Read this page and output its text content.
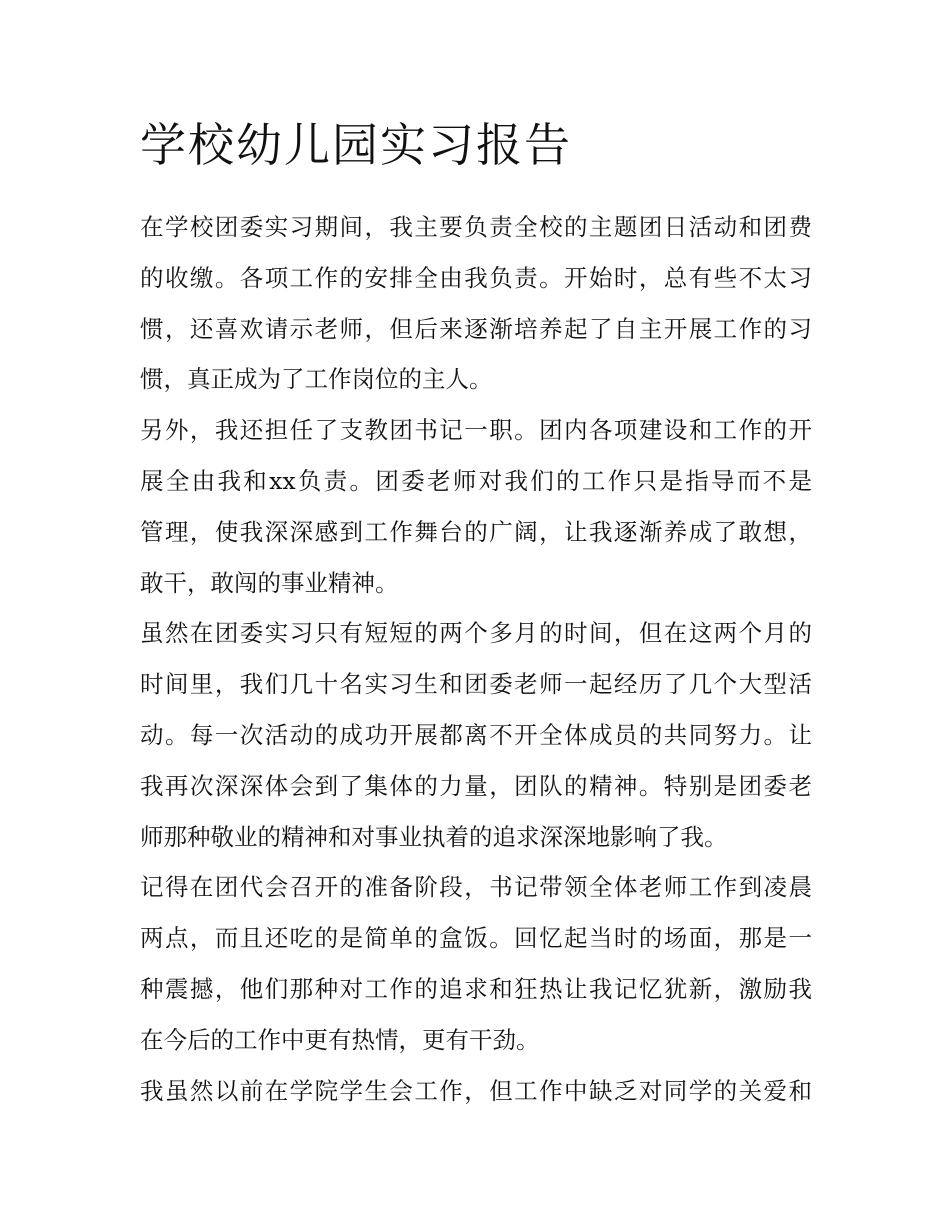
学校幼儿园实习报告
在学校团委实习期间，我主要负责全校的主题团日活动和团费
的收缴。各项工作的安排全由我负责。开始时，总有些不太习
惯，还喜欢请示老师，但后来逐渐培养起了自主开展工作的习
惯，真正成为了工作岗位的主人。
另外，我还担任了支教团书记一职。团内各项建设和工作的开
展全由我和xx负责。团委老师对我们的工作只是指导而不是
管理，使我深深感到工作舞台的广阔，让我逐渐养成了敢想，
敢干，敢闯的事业精神。
虽然在团委实习只有短短的两个多月的时间，但在这两个月的
时间里，我们几十名实习生和团委老师一起经历了几个大型活
动。每一次活动的成功开展都离不开全体成员的共同努力。让
我再次深深体会到了集体的力量，团队的精神。特别是团委老
师那种敬业的精神和对事业执着的追求深深地影响了我。
记得在团代会召开的准备阶段，书记带领全体老师工作到凌晨
两点，而且还吃的是简单的盒饭。回忆起当时的场面，那是一
种震撼，他们那种对工作的追求和狂热让我记忆犹新，激励我
在今后的工作中更有热情，更有干劲。
我虽然以前在学院学生会工作，但工作中缺乏对同学的关爱和
